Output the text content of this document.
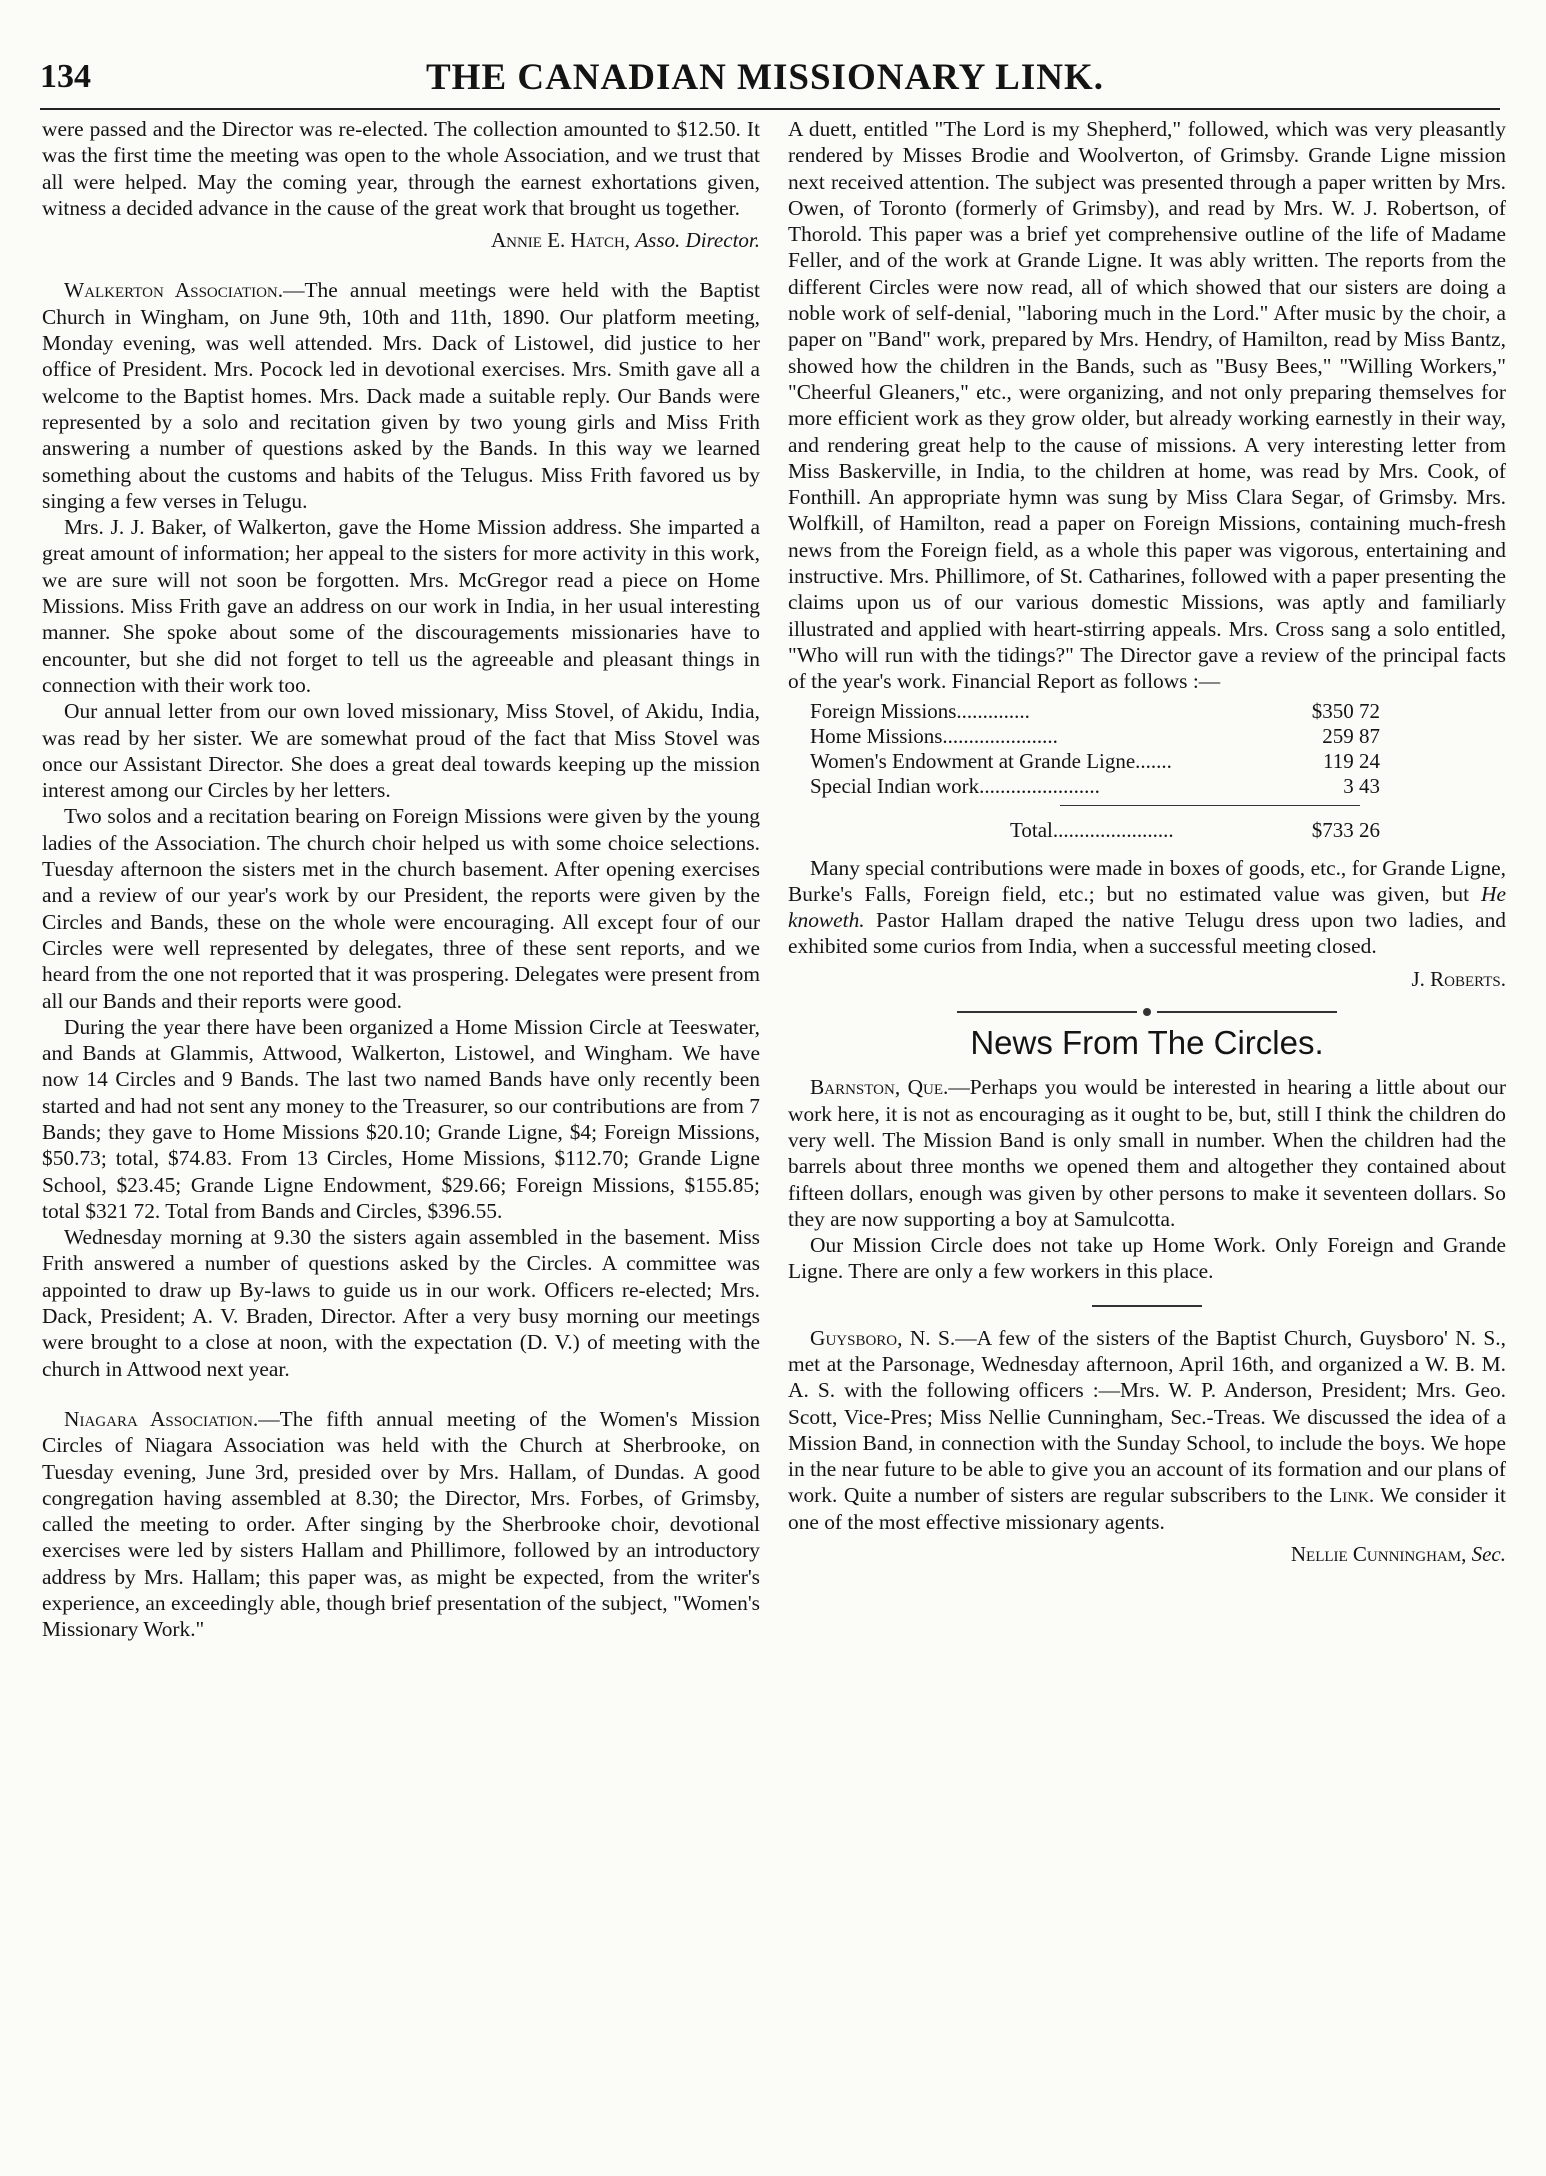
134	THE CANADIAN MISSIONARY LINK.

were passed and the Director was re-elected. The collection amounted to $12.50. It was the first time the meeting was open to the whole Association, and we trust that all were helped. May the coming year, through the earnest exhortations given, witness a decided advance in the cause of the great work that brought us together.

Annie E. Hatch, Asso. Director.

Walkerton Association.—The annual meetings were held with the Baptist Church in Wingham, on June 9th, 10th and 11th, 1890. Our platform meeting, Monday evening, was well attended. Mrs. Dack of Listowel, did justice to her office of President. Mrs. Pocock led in devotional exercises. Mrs. Smith gave all a welcome to the Baptist homes. Mrs. Dack made a suitable reply. Our Bands were represented by a solo and recitation given by two young girls and Miss Frith answering a number of questions asked by the Bands. In this way we learned something about the customs and habits of the Telugus. Miss Frith favored us by singing a few verses in Telugu.

Mrs. J. J. Baker, of Walkerton, gave the Home Mission address. She imparted a great amount of information; her appeal to the sisters for more activity in this work, we are sure will not soon be forgotten. Mrs. McGregor read a piece on Home Missions. Miss Frith gave an address on our work in India, in her usual interesting manner. She spoke about some of the discouragements missionaries have to encounter, but she did not forget to tell us the agreeable and pleasant things in connection with their work too.

Our annual letter from our own loved missionary, Miss Stovel, of Akidu, India, was read by her sister. We are somewhat proud of the fact that Miss Stovel was once our Assistant Director. She does a great deal towards keeping up the mission interest among our Circles by her letters.

Two solos and a recitation bearing on Foreign Missions were given by the young ladies of the Association. The church choir helped us with some choice selections. Tuesday afternoon the sisters met in the church basement. After opening exercises and a review of our year's work by our President, the reports were given by the Circles and Bands, these on the whole were encouraging. All except four of our Circles were well represented by delegates, three of these sent reports, and we heard from the one not reported that it was prospering. Delegates were present from all our Bands and their reports were good.

During the year there have been organized a Home Mission Circle at Teeswater, and Bands at Glammis, Attwood, Walkerton, Listowel, and Wingham. We have now 14 Circles and 9 Bands. The last two named Bands have only recently been started and had not sent any money to the Treasurer, so our contributions are from 7 Bands; they gave to Home Missions $20.10; Grande Ligne, $4; Foreign Missions, $50.73; total, $74.83. From 13 Circles, Home Missions, $112.70; Grande Ligne School, $23.45; Grande Ligne Endowment, $29.66; Foreign Missions, $155.85; total $321 72. Total from Bands and Circles, $396.55.

Wednesday morning at 9.30 the sisters again assembled in the basement. Miss Frith answered a number of questions asked by the Circles. A committee was appointed to draw up By-laws to guide us in our work. Officers re-elected; Mrs. Dack, President; A. V. Braden, Director. After a very busy morning our meetings were brought to a close at noon, with the expectation (D. V.) of meeting with the church in Attwood next year.

Niagara Association.—The fifth annual meeting of the Women's Mission Circles of Niagara Association was held with the Church at Sherbrooke, on Tuesday evening, June 3rd, presided over by Mrs. Hallam, of Dundas. A good congregation having assembled at 8.30; the Director, Mrs. Forbes, of Grimsby, called the meeting to order. After singing by the Sherbrooke choir, devotional exercises were led by sisters Hallam and Phillimore, followed by an introductory address by Mrs. Hallam; this paper was, as might be expected, from the writer's experience, an exceedingly able, though brief presentation of the subject, "Women's Missionary Work."

A duett, entitled "The Lord is my Shepherd," followed, which was very pleasantly rendered by Misses Brodie and Woolverton, of Grimsby. Grande Ligne mission next received attention. The subject was presented through a paper written by Mrs. Owen, of Toronto (formerly of Grimsby), and read by Mrs. W. J. Robertson, of Thorold. This paper was a brief yet comprehensive outline of the life of Madame Feller, and of the work at Grande Ligne. It was ably written. The reports from the different Circles were now read, all of which showed that our sisters are doing a noble work of self-denial, "laboring much in the Lord." After music by the choir, a paper on "Band" work, prepared by Mrs. Hendry, of Hamilton, read by Miss Bantz, showed how the children in the Bands, such as "Busy Bees," "Willing Workers," "Cheerful Gleaners," etc., were organizing, and not only preparing themselves for more efficient work as they grow older, but already working earnestly in their way, and rendering great help to the cause of missions. A very interesting letter from Miss Baskerville, in India, to the children at home, was read by Mrs. Cook, of Fonthill. An appropriate hymn was sung by Miss Clara Segar, of Grimsby. Mrs. Wolfkill, of Hamilton, read a paper on Foreign Missions, containing much-fresh news from the Foreign field, as a whole this paper was vigorous, entertaining and instructive. Mrs. Phillimore, of St. Catharines, followed with a paper presenting the claims upon us of our various domestic Missions, was aptly and familiarly illustrated and applied with heart-stirring appeals. Mrs. Cross sang a solo entitled, "Who will run with the tidings?" The Director gave a review of the principal facts of the year's work. Financial Report as follows :—

Foreign Missions..............	$350 72
Home Missions......................	259 87
Women's Endowment at Grande Ligne.......	119 24
Special Indian work.......................	3 43
Total.......................	$733 26

Many special contributions were made in boxes of goods, etc., for Grande Ligne, Burke's Falls, Foreign field, etc.; but no estimated value was given, but He knoweth. Pastor Hallam draped the native Telugu dress upon two ladies, and exhibited some curios from India, when a successful meeting closed.

J. Roberts.
News From The Circles.

Barnston, Que.—Perhaps you would be interested in hearing a little about our work here, it is not as encouraging as it ought to be, but, still I think the children do very well. The Mission Band is only small in number. When the children had the barrels about three months we opened them and altogether they contained about fifteen dollars, enough was given by other persons to make it seventeen dollars. So they are now supporting a boy at Samulcotta.

Our Mission Circle does not take up Home Work. Only Foreign and Grande Ligne. There are only a few workers in this place.

Guysboro, N. S.—A few of the sisters of the Baptist Church, Guysboro' N. S., met at the Parsonage, Wednesday afternoon, April 16th, and organized a W. B. M. A. S. with the following officers :—Mrs. W. P. Anderson, President; Mrs. Geo. Scott, Vice-Pres; Miss Nellie Cunningham, Sec.-Treas. We discussed the idea of a Mission Band, in connection with the Sunday School, to include the boys. We hope in the near future to be able to give you an account of its formation and our plans of work. Quite a number of sisters are regular subscribers to the Link. We consider it one of the most effective missionary agents.

Nellie Cunningham, Sec.
